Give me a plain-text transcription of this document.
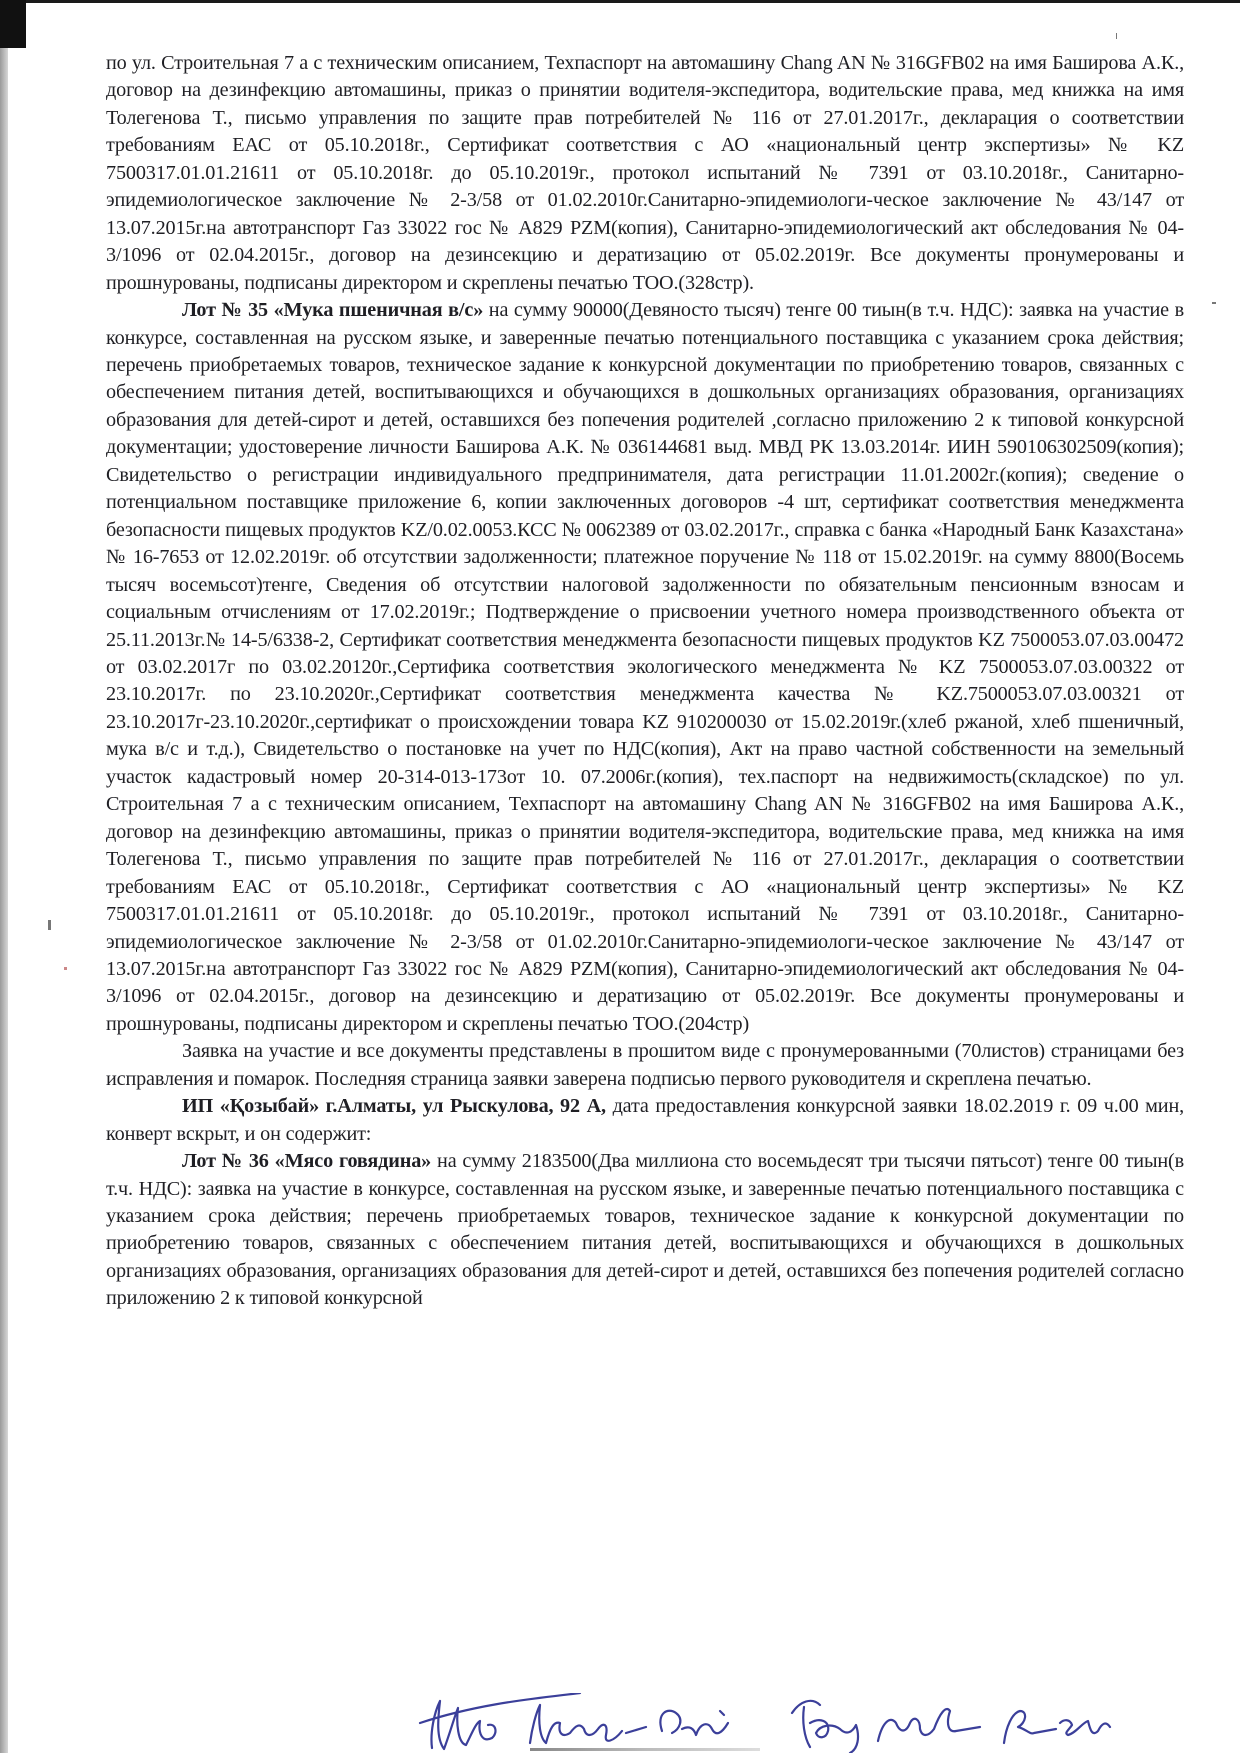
по ул. Строительная 7 а с техническим описанием, Техпаспорт на автомашину Chang AN № 316GFB02 на имя Баширова А.К., договор на дезинфекцию автомашины, приказ о принятии водителя-экспедитора, водительские права, мед книжка на имя Толегенова Т., письмо управления по защите прав потребителей № 116 от 27.01.2017г., декларация о соответствии требованиям ЕАС от 05.10.2018г., Сертификат соответствия с АО «национальный центр экспертизы» № KZ 7500317.01.01.21611 от 05.10.2018г. до 05.10.2019г., протокол испытаний № 7391 от 03.10.2018г., Санитарно-эпидемиологическое заключение № 2-3/58 от 01.02.2010г.Санитарно-эпидемиологи-ческое заключение № 43/147 от 13.07.2015г.на автотранспорт Газ 33022 гос № А829 PZM(копия), Санитарно-эпидемиологический акт обследования № 04-3/1096 от 02.04.2015г., договор на дезинсекцию и дератизацию от 05.02.2019г. Все документы пронумерованы и прошнурованы, подписаны директором и скреплены печатью ТОО.(328стр).

Лот № 35 «Мука пшеничная в/с» на сумму 90000(Девяносто тысяч) тенге 00 тиын(в т.ч. НДС): заявка на участие в конкурсе, составленная на русском языке, и заверенные печатью потенциального поставщика с указанием срока действия; перечень приобретаемых товаров, техническое задание к конкурсной документации по приобретению товаров, связанных с обеспечением питания детей, воспитывающихся и обучающихся в дошкольных организациях образования, организациях образования для детей-сирот и детей, оставшихся без попечения родителей ,согласно приложению 2 к типовой конкурсной документации; удостоверение личности Баширова А.К. № 036144681 выд. МВД РК 13.03.2014г. ИИН 590106302509(копия); Свидетельство о регистрации индивидуального предпринимателя, дата регистрации 11.01.2002г.(копия); сведение о потенциальном поставщике приложение 6, копии заключенных договоров -4 шт, сертификат соответствия менеджмента безопасности пищевых продуктов KZ/0.02.0053.КСС № 0062389 от 03.02.2017г., справка с банка «Народный Банк Казахстана» № 16-7653 от 12.02.2019г. об отсутствии задолженности; платежное поручение № 118 от 15.02.2019г. на сумму 8800(Восемь тысяч восемьсот)тенге, Сведения об отсутствии налоговой задолженности по обязательным пенсионным взносам и социальным отчислениям от 17.02.2019г.; Подтверждение о присвоении учетного номера производственного объекта от 25.11.2013г.№ 14-5/6338-2, Сертификат соответствия менеджмента безопасности пищевых продуктов KZ 7500053.07.03.00472 от 03.02.2017г по 03.02.20120г.,Сертифика соответствия экологического менеджмента № KZ 7500053.07.03.00322 от 23.10.2017г. по 23.10.2020г.,Сертификат соответствия менеджмента качества № KZ.7500053.07.03.00321 от 23.10.2017г-23.10.2020г.,сертификат о происхождении товара KZ 910200030 от 15.02.2019г.(хлеб ржаной, хлеб пшеничный, мука в/с и т.д.), Свидетельство о постановке на учет по НДС(копия), Акт на право частной собственности на земельный участок кадастровый номер 20-314-013-173от 10. 07.2006г.(копия), тех.паспорт на недвижимость(складское) по ул. Строительная 7 а с техническим описанием, Техпаспорт на автомашину Chang AN № 316GFB02 на имя Баширова А.К., договор на дезинфекцию автомашины, приказ о принятии водителя-экспедитора, водительские права, мед книжка на имя Толегенова Т., письмо управления по защите прав потребителей № 116 от 27.01.2017г., декларация о соответствии требованиям ЕАС от 05.10.2018г., Сертификат соответствия с АО «национальный центр экспертизы» № KZ 7500317.01.01.21611 от 05.10.2018г. до 05.10.2019г., протокол испытаний № 7391 от 03.10.2018г., Санитарно-эпидемиологическое заключение № 2-3/58 от 01.02.2010г.Санитарно-эпидемиологи-ческое заключение № 43/147 от 13.07.2015г.на автотранспорт Газ 33022 гос № А829 PZM(копия), Санитарно-эпидемиологический акт обследования № 04-3/1096 от 02.04.2015г., договор на дезинсекцию и дератизацию от 05.02.2019г. Все документы пронумерованы и прошнурованы, подписаны директором и скреплены печатью ТОО.(204стр)

Заявка на участие и все документы представлены в прошитом виде с пронумерованными (70листов) страницами без исправления и помарок. Последняя страница заявки заверена подписью первого руководителя и скреплена печатью.

ИП «Қозыбай» г.Алматы, ул Рыскулова, 92 А, дата предоставления конкурсной заявки 18.02.2019 г. 09 ч.00 мин, конверт вскрыт, и он содержит:

Лот № 36 «Мясо говядина» на сумму 2183500(Два миллиона сто восемьдесят три тысячи пятьсот) тенге 00 тиын(в т.ч. НДС): заявка на участие в конкурсе, составленная на русском языке, и заверенные печатью потенциального поставщика с указанием срока действия; перечень приобретаемых товаров, техническое задание к конкурсной документации по приобретению товаров, связанных с обеспечением питания детей, воспитывающихся и обучающихся в дошкольных организациях образования, организациях образования для детей-сирот и детей, оставшихся без попечения родителей согласно приложению 2 к типовой конкурсной
